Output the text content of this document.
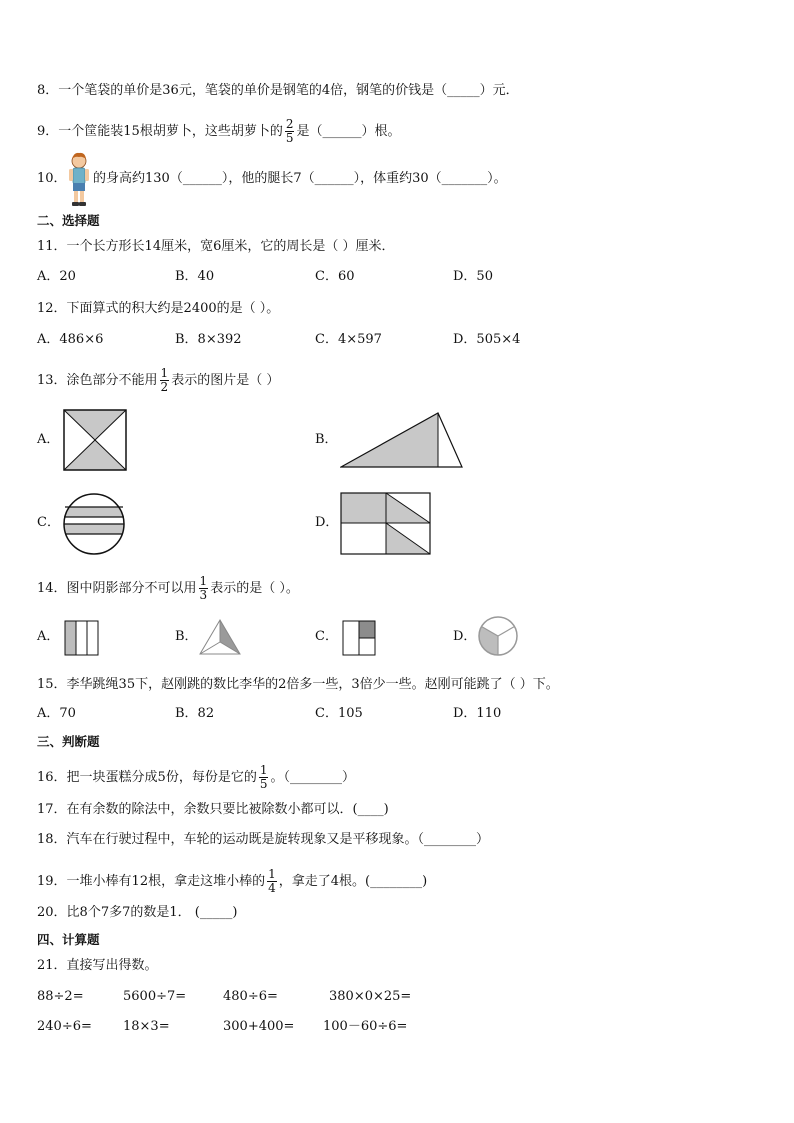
8．一个笔袋的单价是36元，笔袋的单价是钢笔的4倍，钢笔的价钱是（_____）元．
9．一个筐能装15根胡萝卜，这些胡萝卜的 $\frac{2}{5}$ 是（______）根。
10． 的身高约130（______），他的腿长7（______），体重约30（_______）。
二、选择题
11．一个长方形长14厘米，宽6厘米，它的周长是（ ）厘米．
A．20	B．40	C．60	D．50
12．下面算式的积大约是2400的是（ ）。
A．486×6	B．8×392	C．4×597	D．505×4
13．涂色部分不能用 $\frac{1}{2}$ 表示的图片是（ ）
A．	B．
C．	D．
14．图中阴影部分不可以用 $\frac{1}{3}$ 表示的是（ ）。
A．	B．	C．	D．
15．李华跳绳35下，赵刚跳的数比李华的2倍多一些，3倍少一些。赵刚可能跳了（ ）下。
A．70	B．82	C．105	D．110
三、判断题
16．把一块蛋糕分成5份，每份是它的 $\frac{1}{5}$ 。（________）
17．在有余数的除法中，余数只要比被除数小都可以．(____)
18．汽车在行驶过程中，车轮的运动既是旋转现象又是平移现象。（________）
19．一堆小棒有12根，拿走这堆小棒的 $\frac{1}{4}$ ，拿走了4根。(________)
20．比8个7多7的数是1． (_____)
四、计算题
21．直接写出得数。
88÷2=	5600÷7=	480÷6=	380×0×25=
240÷6= 18×3=	300+400= 100－60÷6=
